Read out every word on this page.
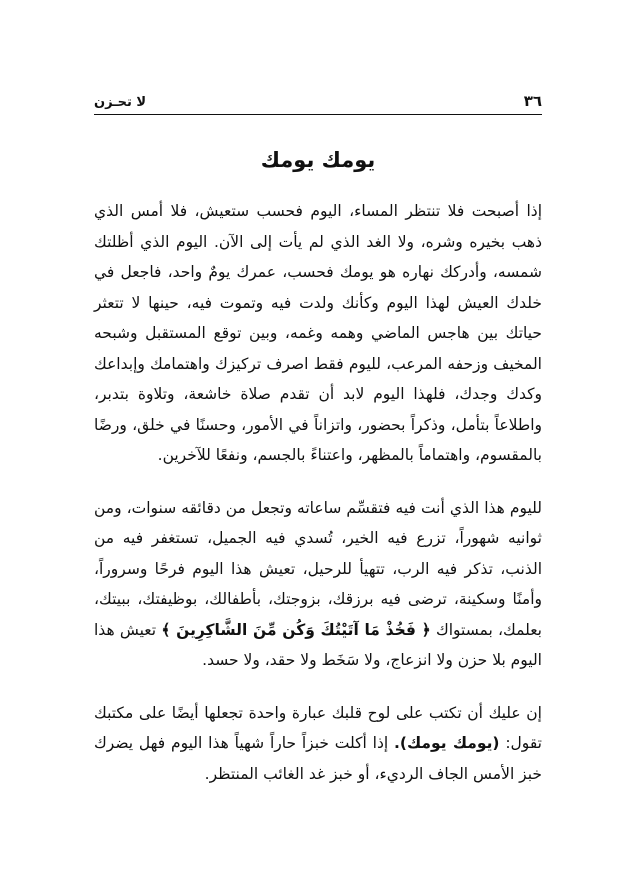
٣٦
لا تحـزن
يومك يومك

إذا أصبحت فلا تنتظر المساء، اليوم فحسب ستعيش، فلا أمس الذي ذهب بخيره وشره، ولا الغد الذي لم يأت إلى الآن. اليوم الذي أظلتك شمسه، وأدركك نهاره هو يومك فحسب، عمرك يومٌ واحد، فاجعل في خلدك العيش لهذا اليوم وكأنك ولدت فيه وتموت فيه، حينها لا تتعثر حياتك بين هاجس الماضي وهمه وغمه، وبين توقع المستقبل وشبحه المخيف وزحفه المرعب، لليوم فقط اصرف تركيزك واهتمامك وإبداعك وكدك وجدك، فلهذا اليوم لابد أن تقدم صلاة خاشعة، وتلاوة بتدبر، واطلاعاً بتأمل، وذكراً بحضور، واتزاناً في الأمور، وحسنًا في خلق، ورضًا بالمقسوم، واهتماماً بالمظهر، واعتناءً بالجسم، ونفعًا للآخرين.

لليوم هذا الذي أنت فيه فتقسِّم ساعاته وتجعل من دقائقه سنوات، ومن ثوانيه شهوراً، تزرع فيه الخير، تُسدي فيه الجميل، تستغفر فيه من الذنب، تذكر فيه الرب، تتهيأ للرحيل، تعيش هذا اليوم فرحًا وسروراً، وأمنًا وسكينة، ترضى فيه برزقك، بزوجتك، بأطفالك، بوظيفتك، ببيتك، بعلمك، بمستواك ﴿ فَخُذْ مَا آتَيْتُكَ وَكُن مِّنَ الشَّاكِرِينَ ﴾ تعيش هذا اليوم بلا حزن ولا انزعاج، ولا سَخَط ولا حقد، ولا حسد.

إن عليك أن تكتب على لوح قلبك عبارة واحدة تجعلها أيضًا على مكتبك تقول: (يومك يومك). إذا أكلت خبزاً حاراً شهياً هذا اليوم فهل يضرك خبز الأمس الجاف الرديء، أو خبز غد الغائب المنتظر.
